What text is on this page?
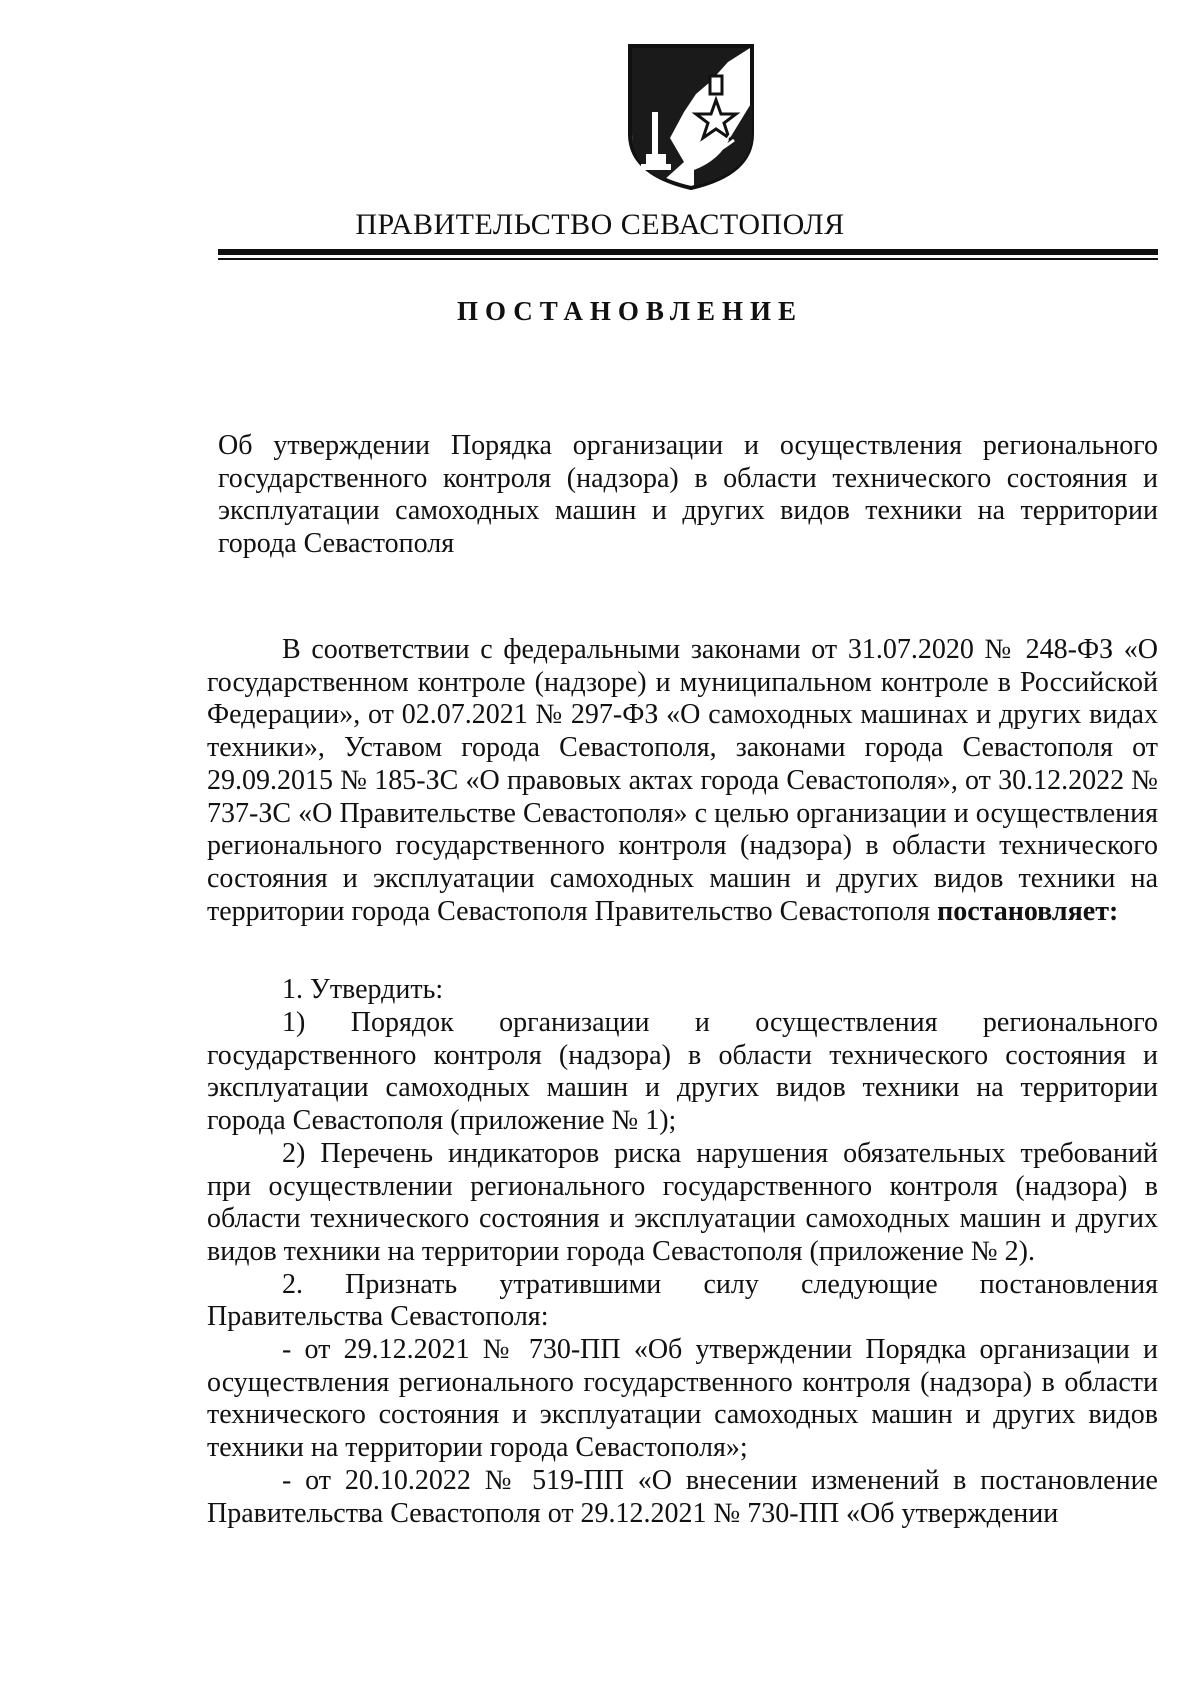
ПРАВИТЕЛЬСТВО СЕВАСТОПОЛЯ
ПОСТАНОВЛЕНИЕ
Об утверждении Порядка организации и осуществления регионального государственного контроля (надзора) в области технического состояния и эксплуатации самоходных машин и других видов техники на территории города Севастополя

В соответствии с федеральными законами от 31.07.2020 № 248-ФЗ «О государственном контроле (надзоре) и муниципальном контроле в Российской Федерации», от 02.07.2021 № 297-ФЗ «О самоходных машинах и других видах техники», Уставом города Севастополя, законами города Севастополя от 29.09.2015 № 185-ЗС «О правовых актах города Севастополя», от 30.12.2022 № 737-ЗС «О Правительстве Севастополя» с целью организации и осуществления регионального государственного контроля (надзора) в области технического состояния и эксплуатации самоходных машин и других видов техники на территории города Севастополя Правительство Севастополя постановляет:

1. Утвердить:

1) Порядок организации и осуществления регионального государственного контроля (надзора) в области технического состояния и эксплуатации самоходных машин и других видов техники на территории города Севастополя (приложение № 1);

2) Перечень индикаторов риска нарушения обязательных требований при осуществлении регионального государственного контроля (надзора) в области технического состояния и эксплуатации самоходных машин и других видов техники на территории города Севастополя (приложение № 2).

2. Признать утратившими силу следующие постановления Правительства Севастополя:

- от 29.12.2021 № 730-ПП «Об утверждении Порядка организации и осуществления регионального государственного контроля (надзора) в области технического состояния и эксплуатации самоходных машин и других видов техники на территории города Севастополя»;

- от 20.10.2022 № 519-ПП «О внесении изменений в постановление Правительства Севастополя от 29.12.2021 № 730-ПП «Об утверждении
